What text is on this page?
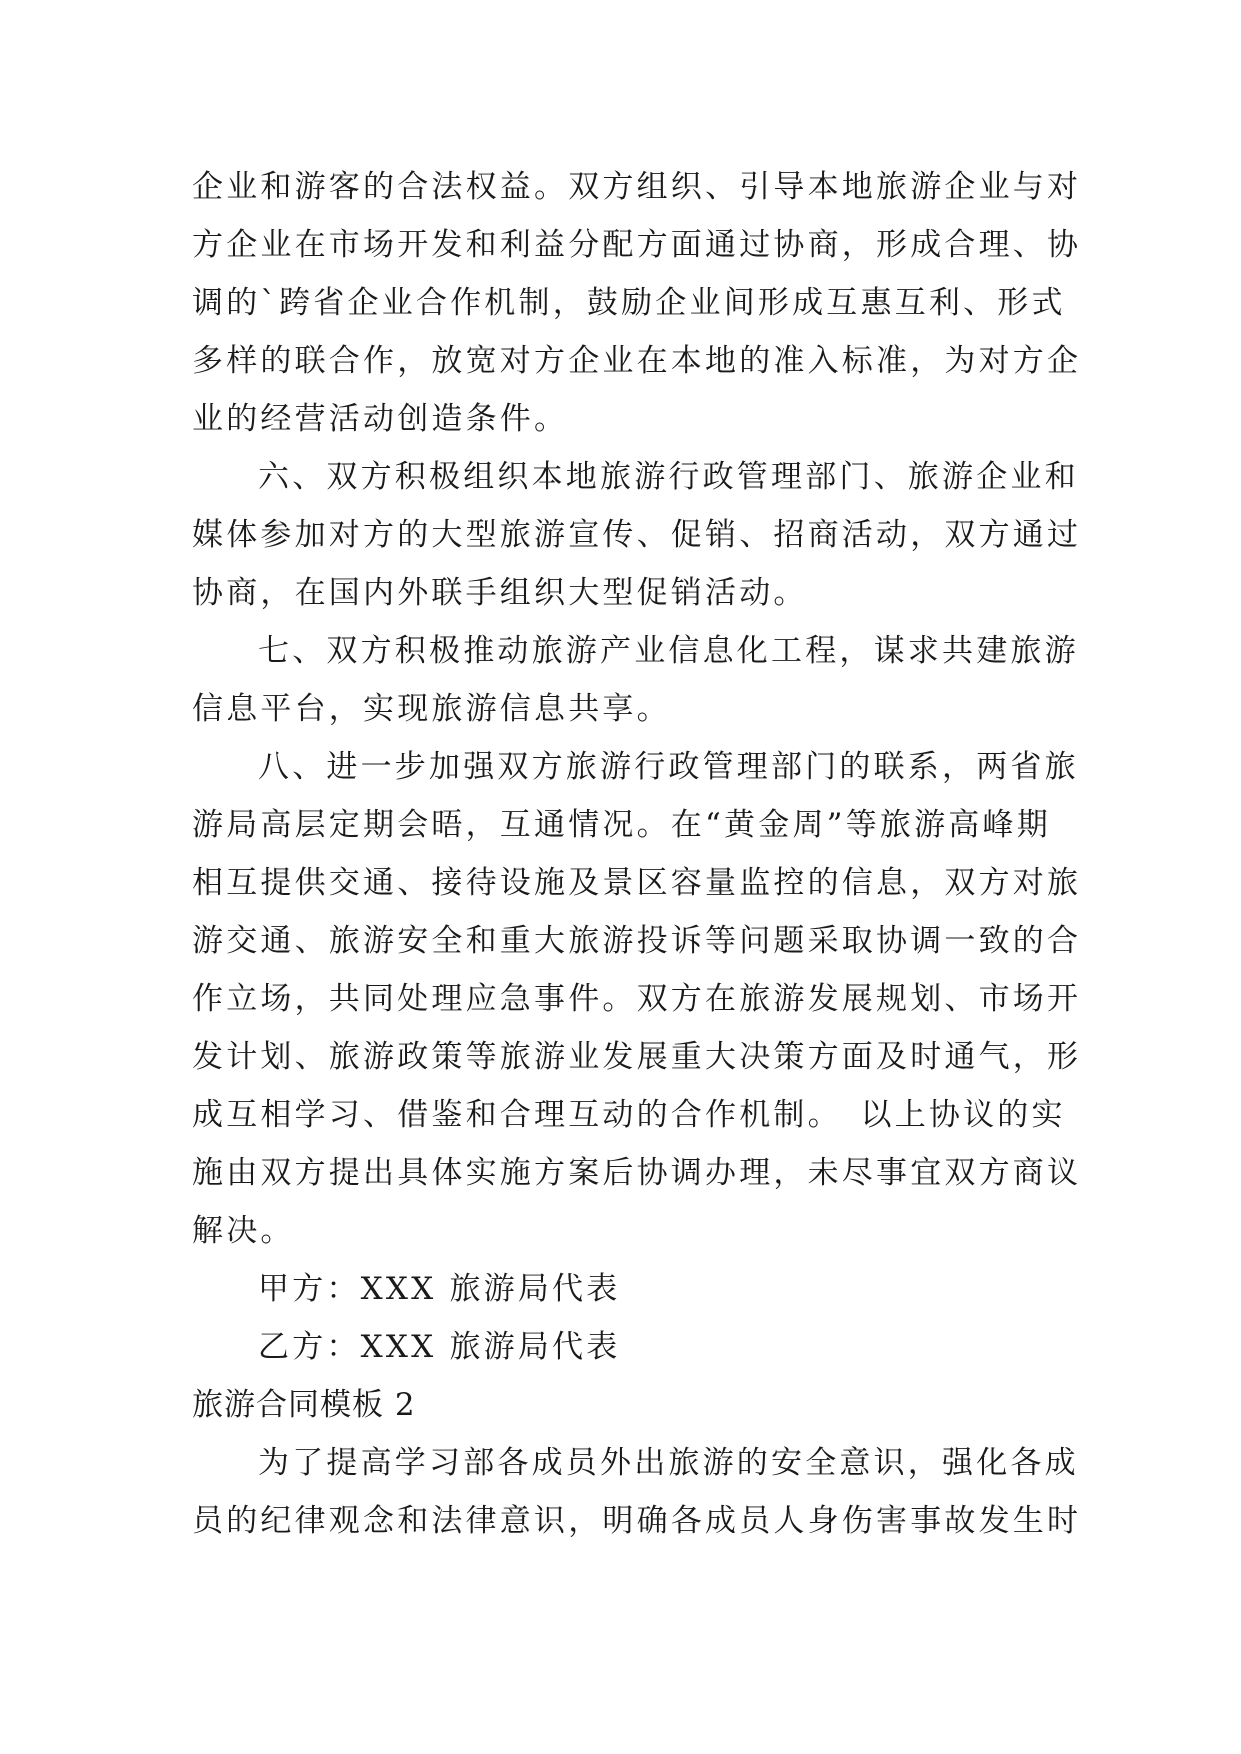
企业和游客的合法权益。双方组织、引导本地旅游企业与对
方企业在市场开发和利益分配方面通过协商，形成合理、协
调的`跨省企业合作机制，鼓励企业间形成互惠互利、形式
多样的联合作，放宽对方企业在本地的准入标准，为对方企
业的经营活动创造条件。
六、双方积极组织本地旅游行政管理部门、旅游企业和
媒体参加对方的大型旅游宣传、促销、招商活动，双方通过
协商，在国内外联手组织大型促销活动。
七、双方积极推动旅游产业信息化工程，谋求共建旅游
信息平台，实现旅游信息共享。
八、进一步加强双方旅游行政管理部门的联系，两省旅
游局高层定期会晤，互通情况。在“黄金周”等旅游高峰期
相互提供交通、接待设施及景区容量监控的信息，双方对旅
游交通、旅游安全和重大旅游投诉等问题采取协调一致的合
作立场，共同处理应急事件。双方在旅游发展规划、市场开
发计划、旅游政策等旅游业发展重大决策方面及时通气，形
成互相学习、借鉴和合理互动的合作机制。　以上协议的实
施由双方提出具体实施方案后协调办理，未尽事宜双方商议
解决。
甲方：XXX 旅游局代表
乙方：XXX 旅游局代表
旅游合同模板 2
为了提高学习部各成员外出旅游的安全意识，强化各成
员的纪律观念和法律意识，明确各成员人身伤害事故发生时
